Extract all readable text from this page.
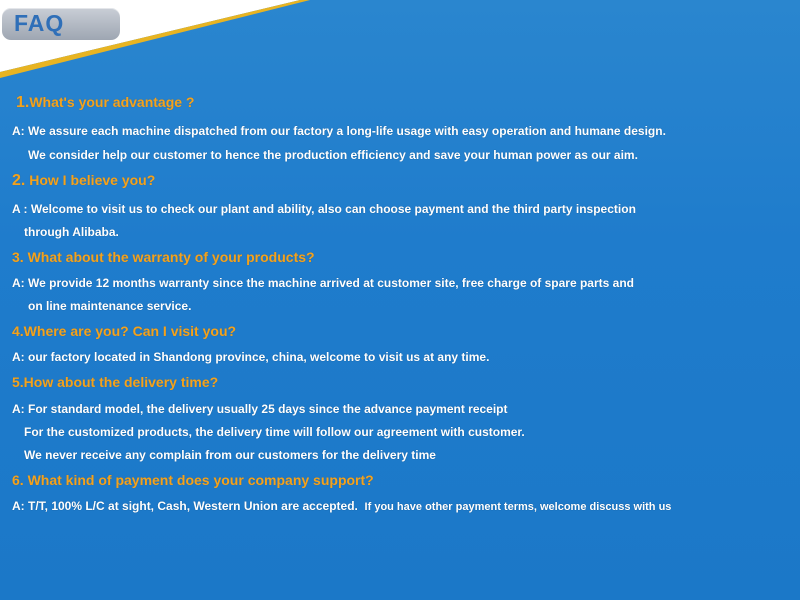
FAQ
1.What's your advantage ?
A: We assure each machine dispatched from our factory a long-life usage with easy operation and humane design.
We consider help our customer to hence the production efficiency and save your human power as our aim.
2. How I believe you?
A : Welcome to visit us to check our plant and ability, also can choose payment and the third party inspection
through Alibaba.
3. What about the warranty of your products?
A: We provide 12 months warranty since the machine arrived at customer site, free charge of spare parts and
on line maintenance service.
4.Where are you? Can I visit you?
A: our factory located in Shandong province, china, welcome to visit us at any time.
5.How about the delivery time?
A: For standard model, the delivery usually 25 days since the advance payment receipt
For the customized products, the delivery time will follow our agreement with customer.
We never receive any complain from our customers for the delivery time
6. What kind of payment does your company support?
A: T/T, 100% L/C at sight, Cash, Western Union are accepted. If you have other payment terms, welcome discuss with us
